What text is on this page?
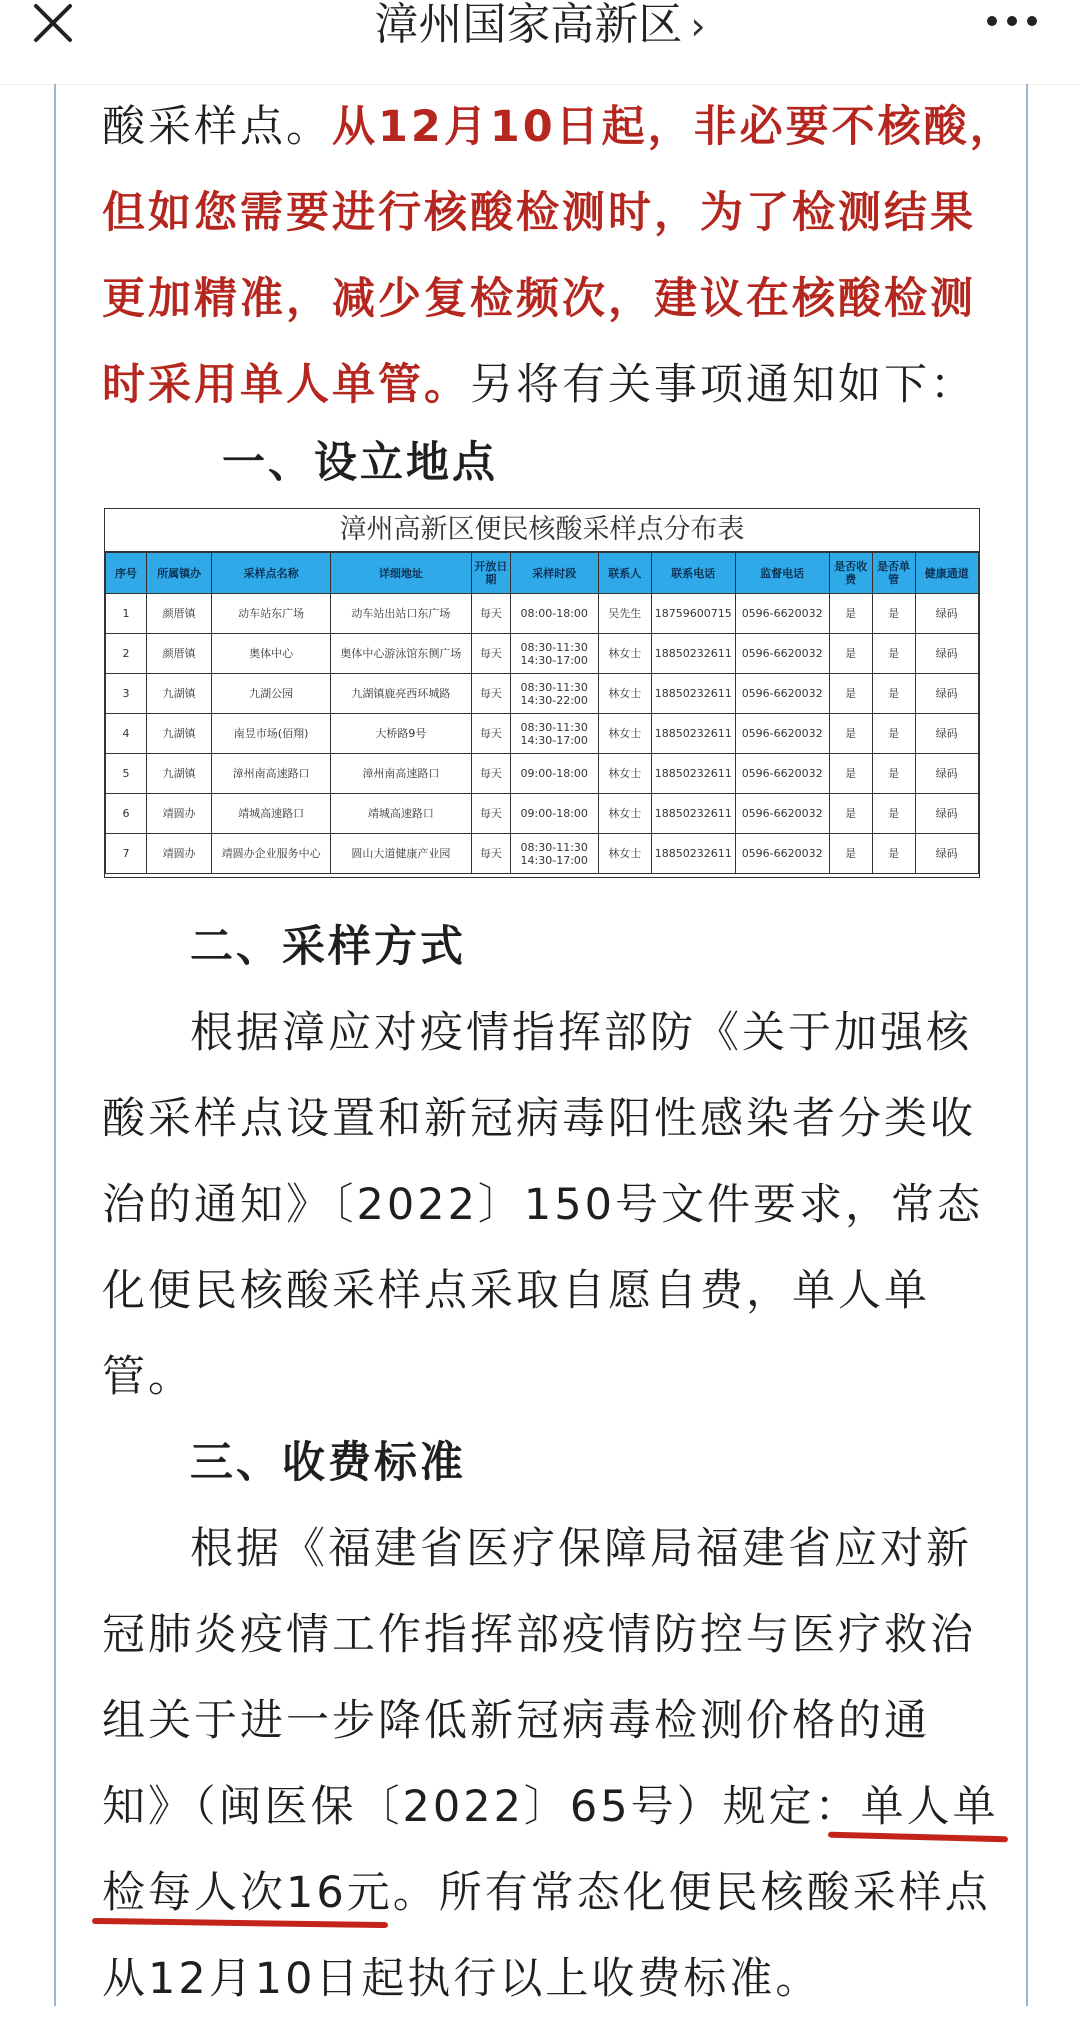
漳州国家高新区 ›
酸采样点。从12月10日起，非必要不核酸，
但如您需要进行核酸检测时，为了检测结果
更加精准，减少复检频次，建议在核酸检测
时采用单人单管。另将有关事项通知如下：
一、设立地点
漳州高新区便民核酸采样点分布表
序号	所属镇办	采样点名称	详细地址	开放日期	采样时段	联系人	联系电话	监督电话	是否收费	是否单管	健康通道
1	颜厝镇	动车站东广场	动车站出站口东广场	每天	08:00-18:00	吴先生	18759600715	0596-6620032	是	是	绿码
2	颜厝镇	奥体中心	奥体中心游泳馆东侧广场	每天	08:30-11:30 14:30-17:00	林女士	18850232611	0596-6620032	是	是	绿码
3	九湖镇	九湖公园	九湖镇鹿亮西环城路	每天	08:30-11:30 14:30-22:00	林女士	18850232611	0596-6620032	是	是	绿码
4	九湖镇	南昱市场(佰翔)	大桥路9号	每天	08:30-11:30 14:30-17:00	林女士	18850232611	0596-6620032	是	是	绿码
5	九湖镇	漳州南高速路口	漳州南高速路口	每天	09:00-18:00	林女士	18850232611	0596-6620032	是	是	绿码
6	靖圆办	靖城高速路口	靖城高速路口	每天	09:00-18:00	林女士	18850232611	0596-6620032	是	是	绿码
7	靖圆办	靖圆办企业服务中心	圆山大道健康产业园	每天	08:30-11:30 14:30-17:00	林女士	18850232611	0596-6620032	是	是	绿码
二、采样方式
根据漳应对疫情指挥部防《关于加强核
酸采样点设置和新冠病毒阳性感染者分类收
治的通知》〔2022〕150号文件要求，常态
化便民核酸采样点采取自愿自费，单人单
管。
三、收费标准
根据《福建省医疗保障局福建省应对新
冠肺炎疫情工作指挥部疫情防控与医疗救治
组关于进一步降低新冠病毒检测价格的通
知》（闽医保〔2022〕65号）规定：单人单
检每人次16元。所有常态化便民核酸采样点
从12月10日起执行以上收费标准。
